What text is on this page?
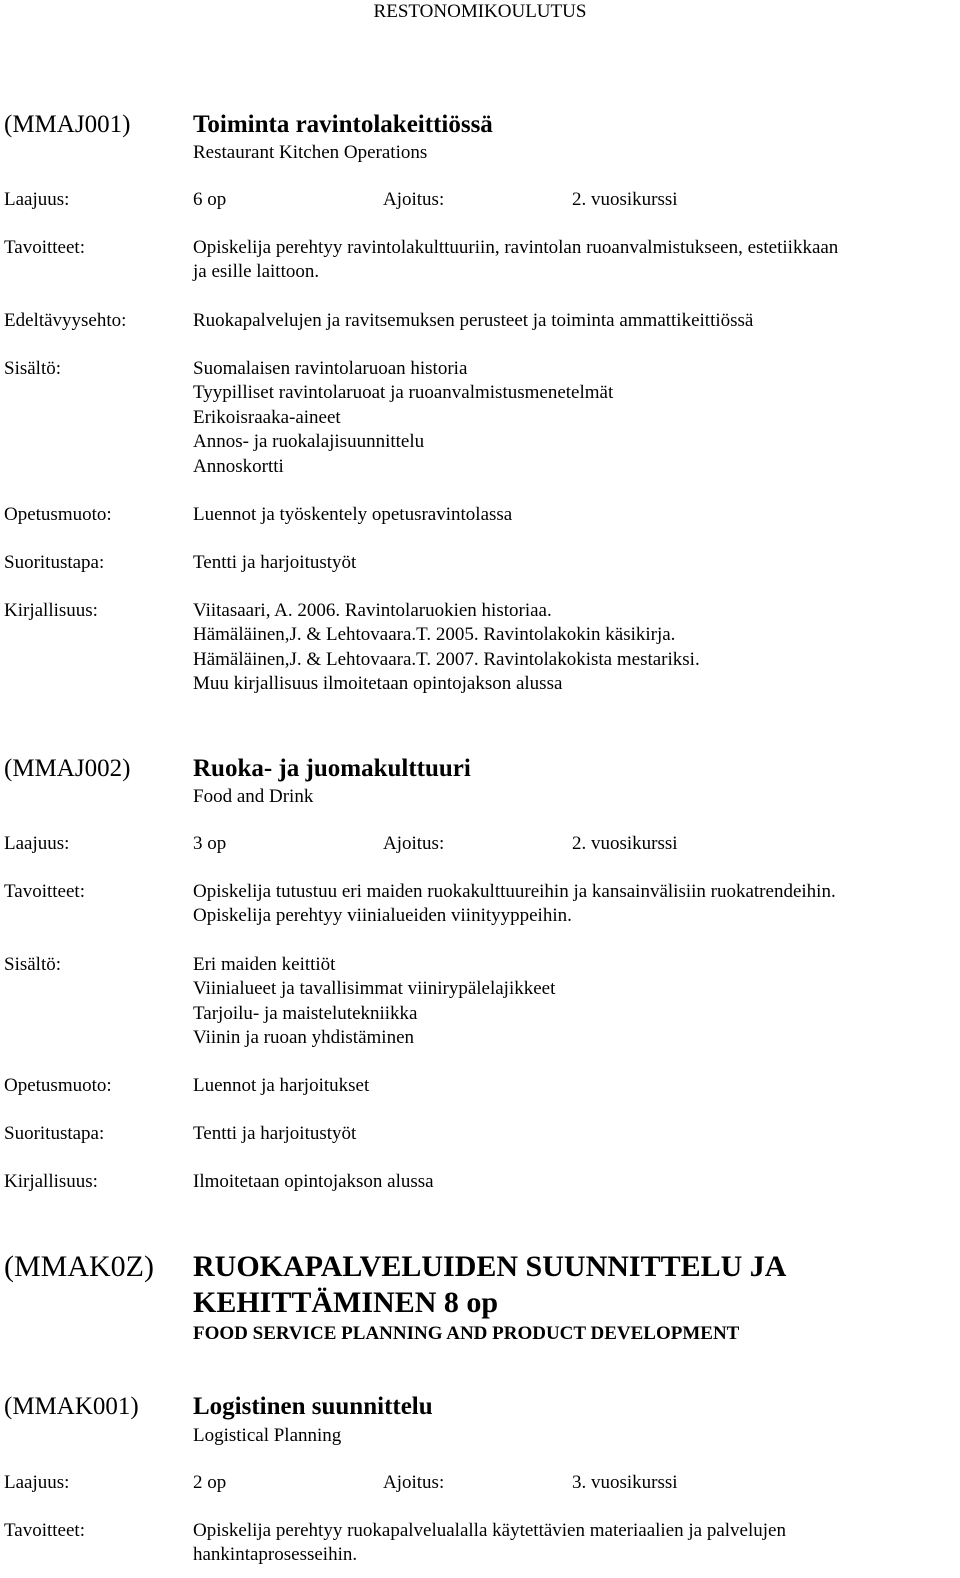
RESTONOMIKOULUTUS
(MMAJ001)	Toiminta ravintolakeittiössä
Restaurant Kitchen Operations
Laajuus:	6 op	Ajoitus:	2. vuosikurssi
Tavoitteet:	Opiskelija perehtyy ravintolakulttuuriin, ravintolan ruoanvalmistukseen, estetiikkaan
ja esille laittoon.
Edeltävyysehto:	Ruokapalvelujen ja ravitsemuksen perusteet ja toiminta ammattikeittiössä
Sisältö:	Suomalaisen ravintolaruoan historia
Tyypilliset ravintolaruoat ja ruoanvalmistusmenetelmät
Erikoisraaka-aineet
Annos- ja ruokalajisuunnittelu
Annoskortti
Opetusmuoto:	Luennot ja työskentely opetusravintolassa
Suoritustapa:	Tentti ja harjoitustyöt
Kirjallisuus:	Viitasaari, A. 2006. Ravintolaruokien historiaa.
Hämäläinen,J. & Lehtovaara.T. 2005. Ravintolakokin käsikirja.
Hämäläinen,J. & Lehtovaara.T. 2007. Ravintolakokista mestariksi.
Muu kirjallisuus ilmoitetaan opintojakson alussa
(MMAJ002)	Ruoka- ja juomakulttuuri
Food and Drink
Laajuus:	3 op	Ajoitus:	2. vuosikurssi
Tavoitteet:	Opiskelija tutustuu eri maiden ruokakulttuureihin ja kansainvälisiin ruokatrendeihin.
Opiskelija perehtyy viinialueiden viinityyppeihin.
Sisältö:	Eri maiden keittiöt
Viinialueet ja tavallisimmat viinirypälelajikkeet
Tarjoilu- ja maistelutekniikka
Viinin ja ruoan yhdistäminen
Opetusmuoto:	Luennot ja harjoitukset
Suoritustapa:	Tentti ja harjoitustyöt
Kirjallisuus:	Ilmoitetaan opintojakson alussa
(MMAK0Z) RUOKAPALVELUIDEN SUUNNITTELU JA
KEHITTÄMINEN 8 op
FOOD SERVICE PLANNING AND PRODUCT DEVELOPMENT
(MMAK001) Logistinen suunnittelu
Logistical Planning
Laajuus:	2 op	Ajoitus:	3. vuosikurssi
Tavoitteet:	Opiskelija perehtyy ruokapalvelualalla käytettävien materiaalien ja palvelujen
hankintaprosesseihin.
